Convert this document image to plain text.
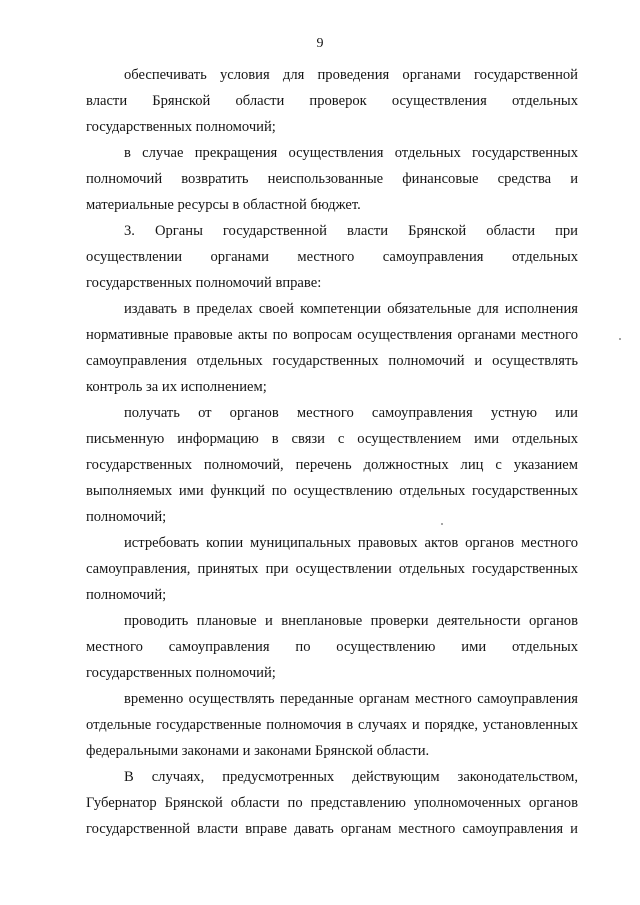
9
обеспечивать условия для проведения органами государственной
власти Брянской области проверок осуществления отдельных
государственных полномочий;
в случае прекращения осуществления отдельных государственных
полномочий возвратить неиспользованные финансовые средства и
материальные ресурсы в областной бюджет.
3. Органы государственной власти Брянской области при
осуществлении органами местного самоуправления отдельных
государственных полномочий вправе:
издавать в пределах своей компетенции обязательные для исполнения
нормативные правовые акты по вопросам осуществления органами местного
самоуправления отдельных государственных полномочий и осуществлять
контроль за их исполнением;
получать от органов местного самоуправления устную или
письменную информацию в связи с осуществлением ими отдельных
государственных полномочий, перечень должностных лиц с указанием
выполняемых ими функций по осуществлению отдельных государственных
полномочий;
истребовать копии муниципальных правовых актов органов местного
самоуправления, принятых при осуществлении отдельных государственных
полномочий;
проводить плановые и внеплановые проверки деятельности органов
местного самоуправления по осуществлению ими отдельных
государственных полномочий;
временно осуществлять переданные органам местного самоуправления
отдельные государственные полномочия в случаях и порядке, установленных
федеральными законами и законами Брянской области.
В случаях, предусмотренных действующим законодательством,
Губернатор Брянской области по представлению уполномоченных органов
государственной власти вправе давать органам местного самоуправления и
